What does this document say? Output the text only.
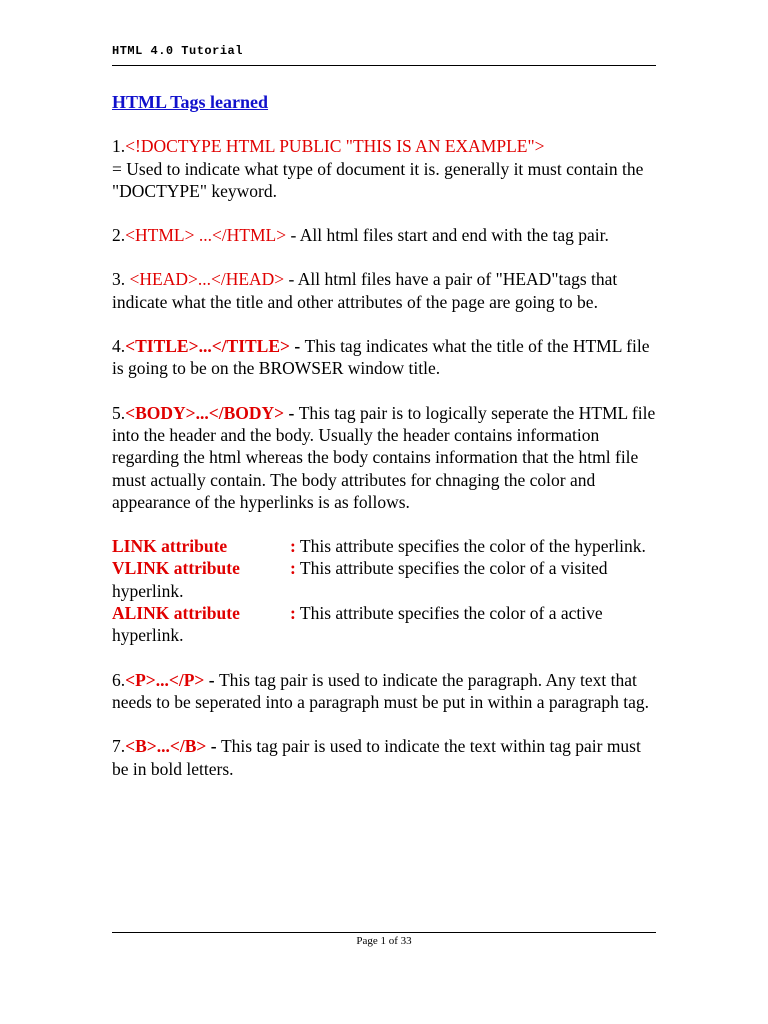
HTML 4.0 Tutorial

HTML Tags learned

1.<!DOCTYPE HTML PUBLIC "THIS IS AN EXAMPLE">
= Used to indicate what type of document it is. generally it must contain the "DOCTYPE" keyword.

2.<HTML> ...</HTML> - All html files start and end with the tag pair.

3. <HEAD>...</HEAD> - All html files have a pair of "HEAD"tags that indicate what the title and other attributes of the page are going to be.

4.<TITLE>...</TITLE> - This tag indicates what the title of the HTML file is going to be on the BROWSER window title.

5.<BODY>...</BODY> - This tag pair is to logically seperate the HTML file into the header and the body. Usually the header contains information regarding the html whereas the body contains information that the html file must actually contain. The body attributes for chnaging the color and appearance of the hyperlinks is as follows.

LINK attribute	: This attribute specifies the color of the hyperlink.

VLINK attribute	: This attribute specifies the color of a visited hyperlink.

ALINK attribute	: This attribute specifies the color of a active hyperlink.

6.<P>...</P> - This tag pair is used to indicate the paragraph. Any text that needs to be seperated into a paragraph must be put in within a paragraph tag.

7.<B>...</B> - This tag pair is used to indicate the text within tag pair must be in bold letters.

Page 1 of 33
